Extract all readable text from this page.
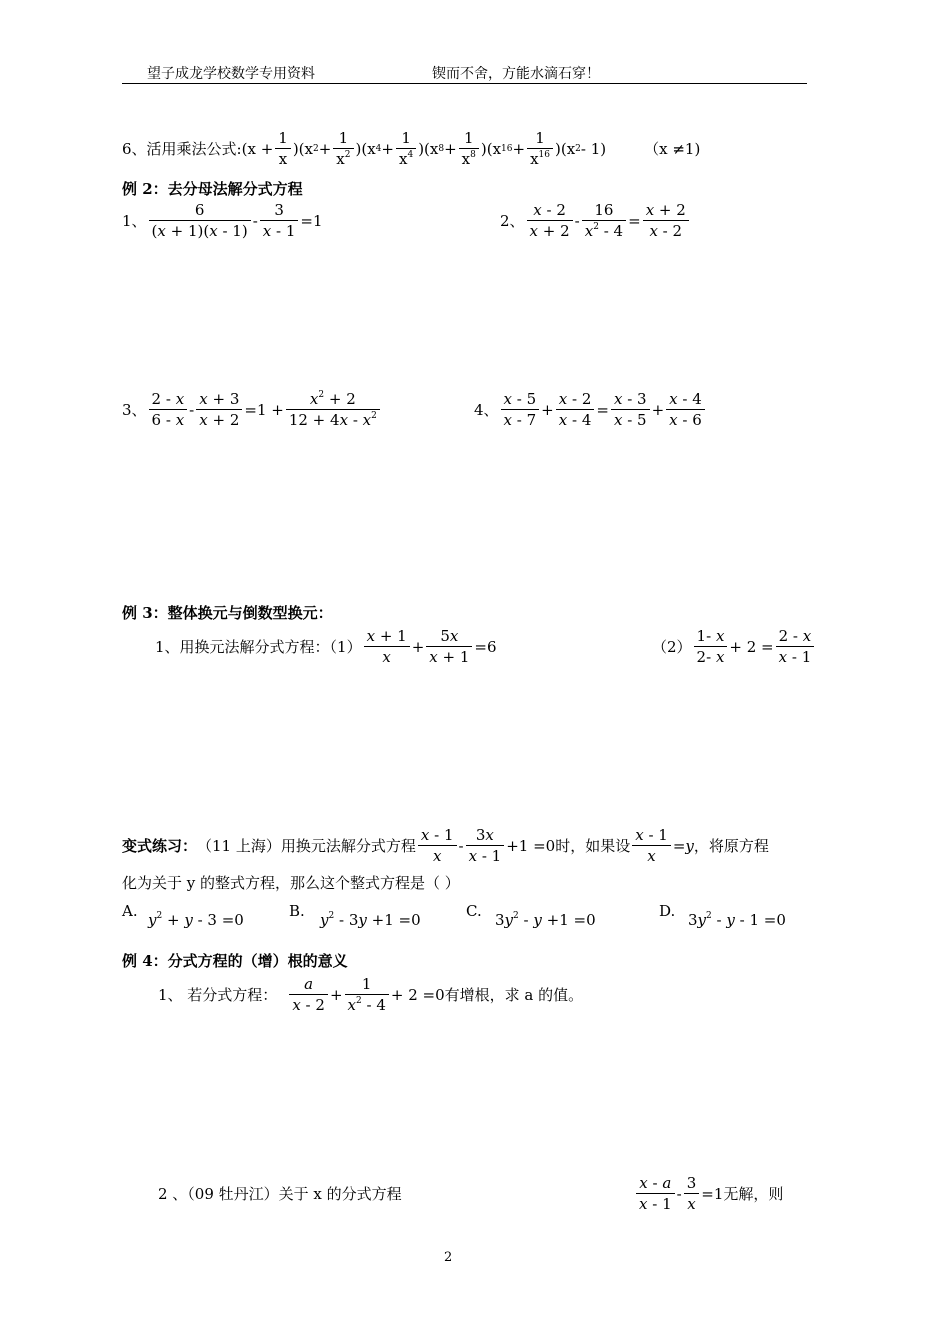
望子成龙学校数学专用资料	锲而不舍，方能水滴石穿！
6、活用乘法公式: $(x + \frac{1}{x} )(x$ $2 + \frac{1}{x^2} )(x$ $4 + \frac{1}{x^4} )(x$ $8 + \frac{1}{x^8} )(x$ $16 + \frac{1}{x^{16}} )(x$ 2 - 1)	（x ≠1)
例 2：去分母法解分式方程
1、 $\frac{6}{(x + 1)(x - 1)} - \frac{3}{x - 1} =1$	2、 $\frac{x - 2}{x + 2} - \frac{16}{x^2 - 4} = \frac{x + 2}{x - 2}$
3、 $\frac{2 - x}{6 - x} - \frac{x + 3}{x + 2} =1 + \frac{x^2 + 2}{12 + 4x - x^2}$	4、 $\frac{x - 5}{x - 7} + \frac{x - 2}{x - 4} = \frac{x - 3}{x - 5} + \frac{x - 4}{x - 6}$
例 3：整体换元与倒数型换元：
1、用换元法解分式方程：$(1) \frac{x + 1}{x} + \frac{5x}{x + 1} =6$	$(2) \frac{1- x}{2- x} + 2 = \frac{2 - x}{x - 1}$
变式练习： （11 上海）用换元法解分式方程 $\frac{x - 1}{x} - \frac{3x}{x - 1} +1 =0$ 时，如果设 $\frac{x - 1}{x} = y$ ，将原方程
化为关于 y 的整式方程，那么这个整式方程是（ ）
A. $y^2 + y - 3 =0$	B. $y^2 - 3y +1 =0$	C. $3y^2 - y +1 =0$	D. $3y^2 - y - 1 =0$
例 4：分式方程的（增）根的意义
1、 若分式方程： $\frac{a}{x - 2} + \frac{1}{x^2 - 4} + 2 =0$ 有增根，求 a 的值。
2 、（09 牡丹江）关于 x 的分式方程	$\frac{x - a}{x - 1} - \frac{3}{x} =1$ 无解，则
2
